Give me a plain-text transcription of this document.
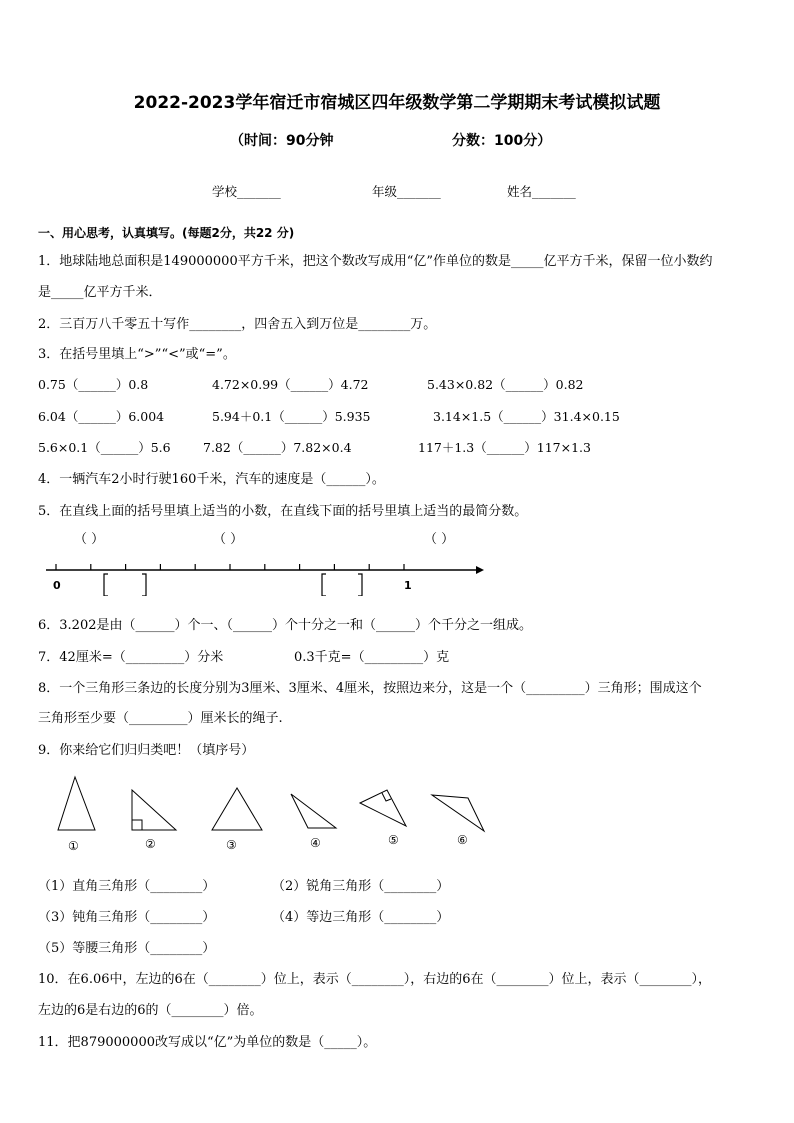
2022-2023学年宿迁市宿城区四年级数学第二学期期末考试模拟试题
（时间：90分钟	分数：100分）
学校_______	年级_______	姓名_______
一、用心思考，认真填写。(每题2分，共22 分)
1．地球陆地总面积是149000000平方千米，把这个数改写成用“亿”作单位的数是_____亿平方千米，保留一位小数约
是_____亿平方千米．
2．三百万八千零五十写作________，四舍五入到万位是________万。
3．在括号里填上“>”“<”或“=”。
0.75（______）0.8	4.72×0.99（______）4.72	5.43×0.82（______）0.82
6.04（______）6.004	5.94＋0.1（______）5.935	3.14×1.5（______）31.4×0.15
5.6×0.1（______）5.6	7.82（______）7.82×0.4	117＋1.3（______）117×1.3
4．一辆汽车2小时行驶160千米，汽车的速度是（______）。
5．在直线上面的括号里填上适当的小数，在直线下面的括号里填上适当的最简分数。
0	1
（ ）	（ ）	（ ）
6．3.202是由（______）个一、（______）个十分之一和（______）个千分之一组成。
7．42厘米=（_________）分米	0.3千克=（_________）克
8．一个三角形三条边的长度分别为3厘米、3厘米、4厘米，按照边来分，这是一个（_________）三角形；围成这个
三角形至少要（_________）厘米长的绳子.
9．你来给它们归归类吧！（填序号）
①	②	③	④	⑤	⑥
（1）直角三角形（________）	（2）锐角三角形（________）
（3）钝角三角形（________）	（4）等边三角形（________）
（5）等腰三角形（________）
10．在6.06中，左边的6在（________）位上，表示（________），右边的6在（________）位上，表示（________），
左边的6是右边的6的（________）倍。
11．把879000000改写成以“亿”为单位的数是（_____）。
